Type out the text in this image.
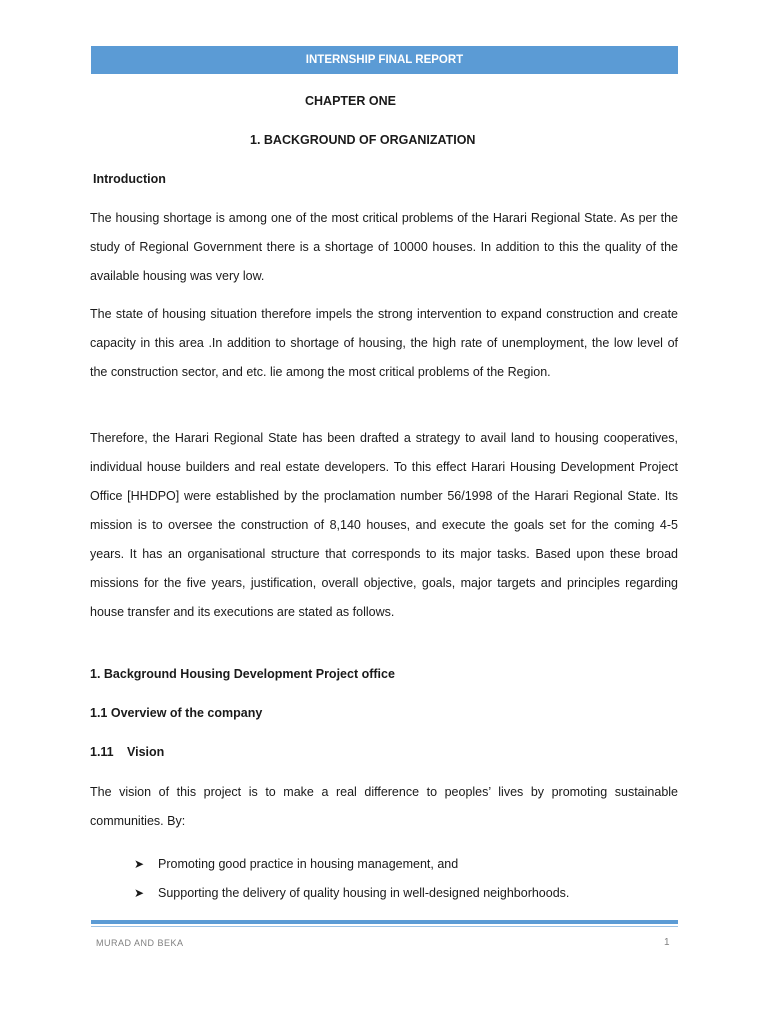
INTERNSHIP FINAL REPORT
CHAPTER ONE
1. BACKGROUND OF ORGANIZATION
Introduction

The housing shortage is among one of the most critical problems of the Harari Regional State. As per the study of Regional Government there is a shortage of 10000 houses. In addition to this the quality of the available housing was very low.

The state of housing situation therefore impels the strong intervention to expand construction and create capacity in this area .In addition to shortage of housing, the high rate of unemployment, the low level of the construction sector, and etc. lie among the most critical problems of the Region.

Therefore, the Harari Regional State has been drafted a strategy to avail land to housing cooperatives, individual house builders and real estate developers. To this effect Harari Housing Development Project Office [HHDPO] were established by the proclamation number 56/1998 of the Harari Regional State. Its mission is to oversee the construction of 8,140 houses, and execute the goals set for the coming 4-5 years. It has an organisational structure that corresponds to its major tasks. Based upon these broad missions for the five years, justification, overall objective, goals, major targets and principles regarding house transfer and its executions are stated as follows.

1. Background Housing Development Project office
1.1 Overview of the company
1.11 Vision

The vision of this project is to make a real difference to peoples’ lives by promoting sustainable communities. By:

➤	Promoting good practice in housing management, and
➤	Supporting the delivery of quality housing in well-designed neighborhoods.
MURAD AND BEKA	1
